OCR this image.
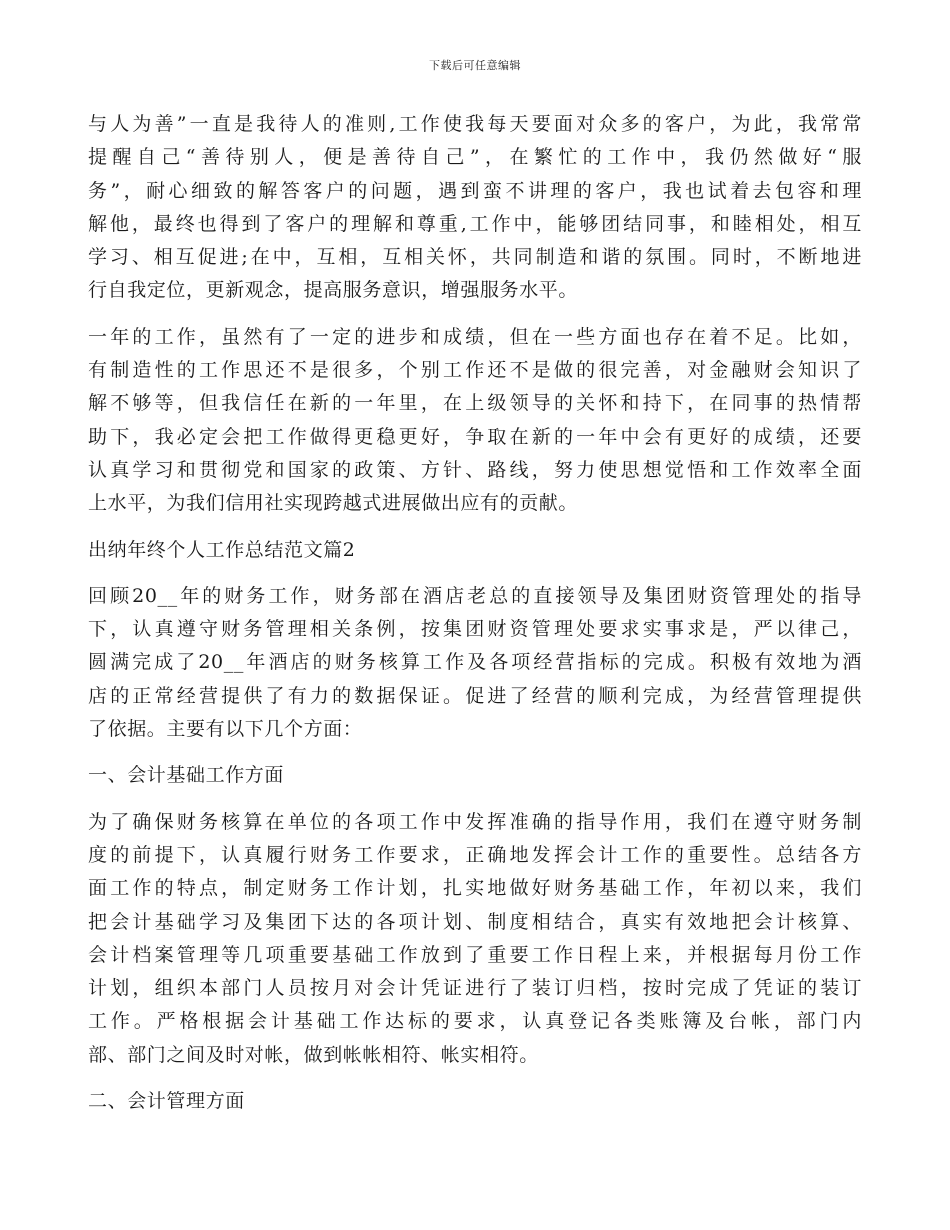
下载后可任意编辑

与人为善”一直是我待人的准则,工作使我每天要面对众多的客户，为此，我常常
提醒自己“善待别人，便是善待自己”，在繁忙的工作中，我仍然做好“服
务”，耐心细致的解答客户的问题，遇到蛮不讲理的客户，我也试着去包容和理
解他，最终也得到了客户的理解和尊重,工作中，能够团结同事，和睦相处，相互
学习、相互促进;在中，互相，互相关怀，共同制造和谐的氛围。同时，不断地进
行自我定位，更新观念，提高服务意识，增强服务水平。

一年的工作，虽然有了一定的进步和成绩，但在一些方面也存在着不足。比如，
有制造性的工作思还不是很多，个别工作还不是做的很完善，对金融财会知识了
解不够等，但我信任在新的一年里，在上级领导的关怀和持下，在同事的热情帮
助下，我必定会把工作做得更稳更好，争取在新的一年中会有更好的成绩，还要
认真学习和贯彻党和国家的政策、方针、路线，努力使思想觉悟和工作效率全面
上水平，为我们信用社实现跨越式进展做出应有的贡献。

出纳年终个人工作总结范文篇2

回顾20__年的财务工作，财务部在酒店老总的直接领导及集团财资管理处的指导
下，认真遵守财务管理相关条例，按集团财资管理处要求实事求是，严以律己，
圆满完成了20__年酒店的财务核算工作及各项经营指标的完成。积极有效地为酒
店的正常经营提供了有力的数据保证。促进了经营的顺利完成，为经营管理提供
了依据。主要有以下几个方面：

一、会计基础工作方面

为了确保财务核算在单位的各项工作中发挥准确的指导作用，我们在遵守财务制
度的前提下，认真履行财务工作要求，正确地发挥会计工作的重要性。总结各方
面工作的特点，制定财务工作计划，扎实地做好财务基础工作，年初以来，我们
把会计基础学习及集团下达的各项计划、制度相结合，真实有效地把会计核算、
会计档案管理等几项重要基础工作放到了重要工作日程上来，并根据每月份工作
计划，组织本部门人员按月对会计凭证进行了装订归档，按时完成了凭证的装订
工作。严格根据会计基础工作达标的要求，认真登记各类账簿及台帐，部门内
部、部门之间及时对帐，做到帐帐相符、帐实相符。

二、会计管理方面
